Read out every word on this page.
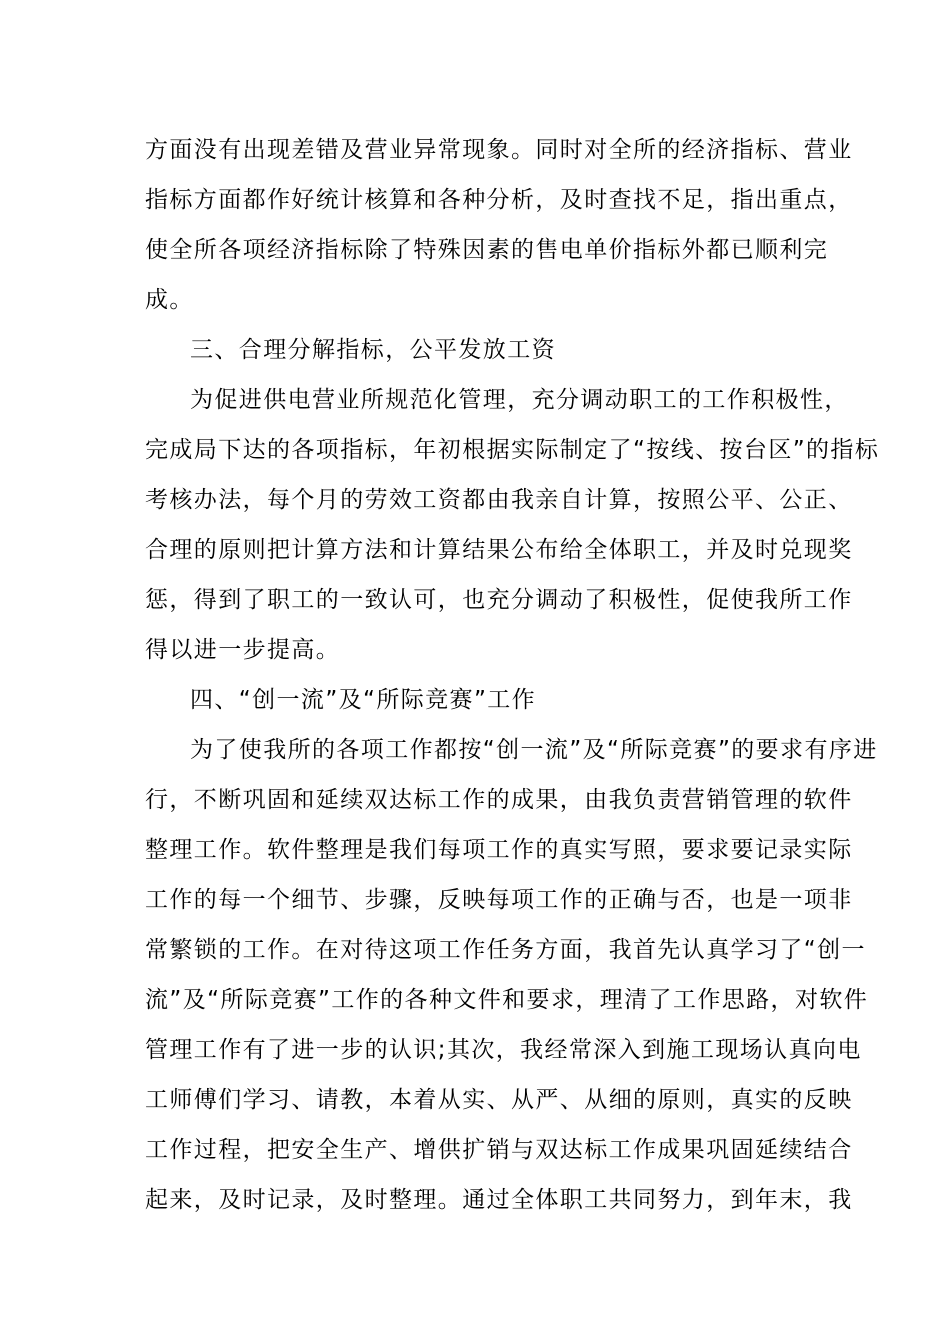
方面没有出现差错及营业异常现象。同时对全所的经济指标、营业
指标方面都作好统计核算和各种分析，及时查找不足，指出重点，
使全所各项经济指标除了特殊因素的售电单价指标外都已顺利完
成。
三、合理分解指标，公平发放工资
为促进供电营业所规范化管理，充分调动职工的工作积极性，
完成局下达的各项指标，年初根据实际制定了“按线、按台区”的指标
考核办法，每个月的劳效工资都由我亲自计算，按照公平、公正、
合理的原则把计算方法和计算结果公布给全体职工，并及时兑现奖
惩，得到了职工的一致认可，也充分调动了积极性，促使我所工作
得以进一步提高。
四、“创一流”及“所际竞赛”工作
为了使我所的各项工作都按“创一流”及“所际竞赛”的要求有序进
行，不断巩固和延续双达标工作的成果，由我负责营销管理的软件
整理工作。软件整理是我们每项工作的真实写照，要求要记录实际
工作的每一个细节、步骤，反映每项工作的正确与否，也是一项非
常繁锁的工作。在对待这项工作任务方面，我首先认真学习了“创一
流”及“所际竞赛”工作的各种文件和要求，理清了工作思路，对软件
管理工作有了进一步的认识;其次，我经常深入到施工现场认真向电
工师傅们学习、请教，本着从实、从严、从细的原则，真实的反映
工作过程，把安全生产、增供扩销与双达标工作成果巩固延续结合
起来，及时记录，及时整理。通过全体职工共同努力，到年末，我
